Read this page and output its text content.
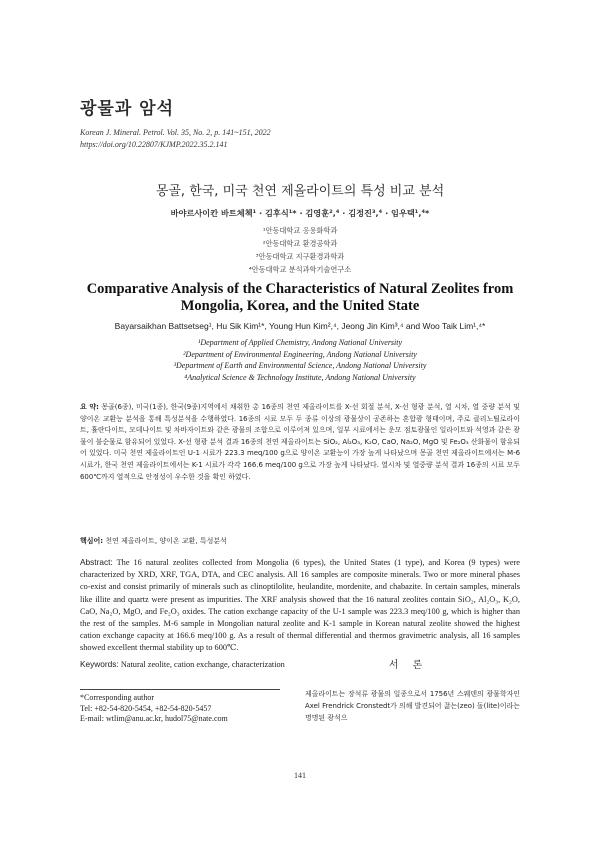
광물과 암석
Korean J. Mineral. Petrol. Vol. 35, No. 2, p. 141~151, 2022
https://doi.org/10.22807/KJMP.2022.35.2.141
몽골, 한국, 미국 천연 제올라이트의 특성 비교 분석
바야르사이칸 바트체첵¹ · 김후식¹* · 김영훈²,⁴ · 김정진³,⁴ · 임우택¹,⁴*
¹안동대학교 응용화학과
²안동대학교 환경공학과
³안동대학교 지구환경과학과
⁴안동대학교 분석과학기술연구소
Comparative Analysis of the Characteristics of Natural Zeolites from Mongolia, Korea, and the United State
Bayarsaikhan Battsetseg¹, Hu Sik Kim¹*, Young Hun Kim²,⁴, Jeong Jin Kim³,⁴ and Woo Taik Lim¹,⁴*
¹Department of Applied Chemistry, Andong National University
²Department of Environmental Engineering, Andong National University
³Department of Earth and Environmental Science, Andong National University
⁴Analytical Science & Technology Institute, Andong National University
요 약: 몽골(6종), 미국(1종), 한국(9종)지역에서 채취한 총 16종의 천연 제올라이트를 X-선 회절 분석, X-선 형광 분석, 열 시차, 열 중량 분석 및 양이온 교환능 분석을 통해 특성분석을 수행하였다. 16종의 시료 모두 두 종류 이상의 광물상이 공존하는 혼합광 형태이며, 주로 클리노틸로라이트, 휼란다이트, 모데나이트 및 차바자이트와 같은 광물의 조합으로 이루어져 있으며, 일부 시료에서는 운모 점토광물인 일라이트와 석영과 같은 광물이 불순물로 함유되어 있었다. X-선 형광 분석 결과 16종의 천연 제올라이트는 SiO₂, Al₂O₃, K₂O, CaO, Na₂O, MgO 및 Fe₂O₃ 산화물이 함유되어 있었다. 미국 천연 제올라이트인 U-1 시료가 223.3 meq/100 g으로 양이온 교환능이 가장 높게 나타났으며 몽골 천연 제올라이트에서는 M-6 시료가, 한국 천연 제올라이트에서는 K-1 시료가 각각 166.6 meq/100 g으로 가장 높게 나타났다. 열시차 및 열중량 분석 결과 16종의 시료 모두 600℃까지 열적으로 안정성이 우수한 것을 확인 하였다.
핵심어: 천연 제올라이트, 양이온 교환, 특성분석
Abstract: The 16 natural zeolites collected from Mongolia (6 types), the United States (1 type), and Korea (9 types) were characterized by XRD, XRF, TGA, DTA, and CEC analysis. All 16 samples are composite minerals. Two or more mineral phases co-exist and consist primarily of minerals such as clinoptilolite, heulandite, mordenite, and chabazite. In certain samples, minerals like illite and quartz were present as impurities. The XRF analysis showed that the 16 natural zeolites contain SiO₂, Al₂O₃, K₂O, CaO, Na₂O, MgO, and Fe₂O₃ oxides. The cation exchange capacity of the U-1 sample was 223.3 meq/100 g, which is higher than the rest of the samples. M-6 sample in Mongolian natural zeolite and K-1 sample in Korean natural zeolite showed the highest cation exchange capacity at 166.6 meq/100 g. As a result of thermal differential and thermos gravimetric analysis, all 16 samples showed excellent thermal stability up to 600℃.
Keywords: Natural zeolite, cation exchange, characterization	서론
*Corresponding author
Tel: +82-54-820-5454, +82-54-820-5457
E-mail: wtlim@anu.ac.kr, hudol75@nate.com
제올라이트는 장석류 광물의 일종으로서 1756년 스웨덴의 광물학자인 Axel Frendrick Cronstedt가 의해 발견되어 끓는(zeo) 돌(lite)이라는 명명된 광석으
141
